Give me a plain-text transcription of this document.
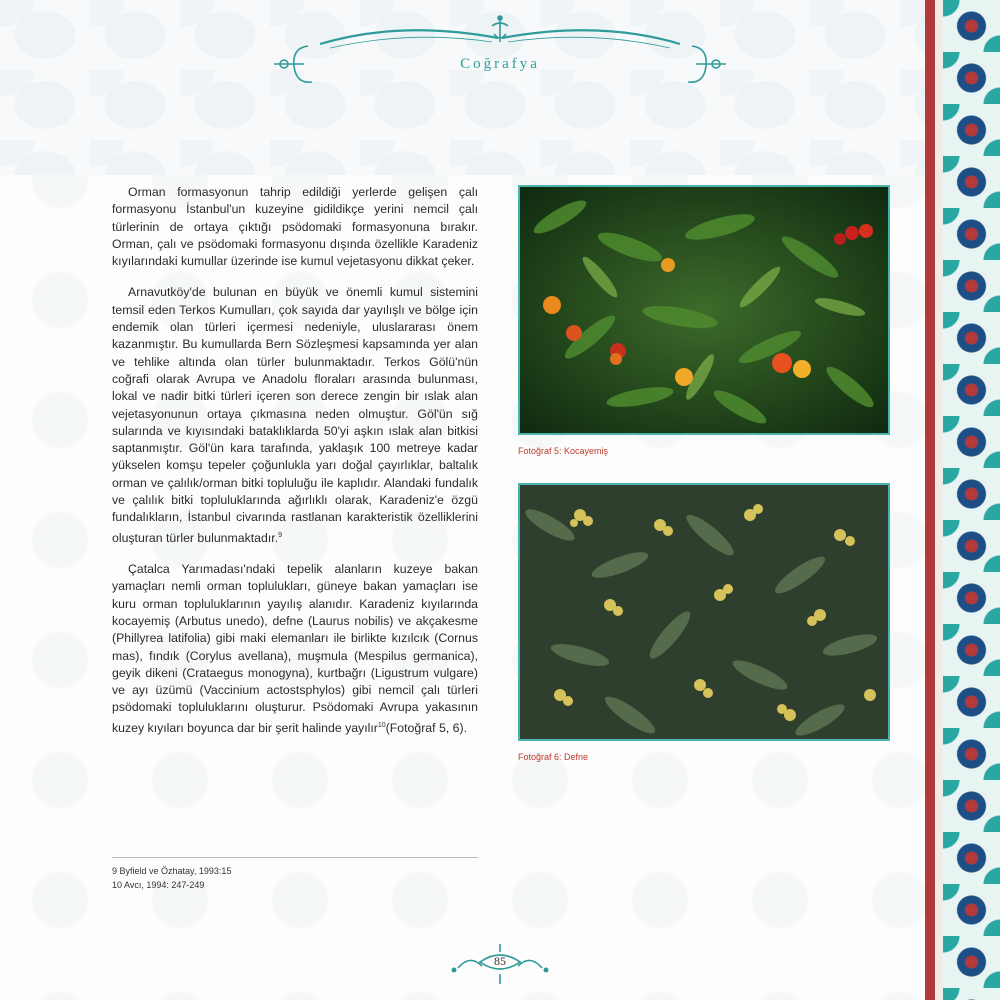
Coğrafya

Orman formasyonun tahrip edildiği yerlerde gelişen çalı formasyonu İstanbul'un kuzeyine gidildikçe yerini nemcil çalı türlerinin de ortaya çıktığı psödomaki formasyonuna bırakır. Orman, çalı ve psödomaki formasyonu dışında özellikle Karadeniz kıyılarındaki kumullar üzerinde ise kumul vejetasyonu dikkat çeker.

Arnavutköy'de bulunan en büyük ve önemli kumul sistemini temsil eden Terkos Kumulları, çok sayıda dar yayılışlı ve bölge için endemik olan türleri içermesi nedeniyle, uluslararası önem kazanmıştır. Bu kumullarda Bern Sözleşmesi kapsamında yer alan ve tehlike altında olan türler bulunmaktadır. Terkos Gölü'nün coğrafi olarak Avrupa ve Anadolu floraları arasında bulunması, lokal ve nadir bitki türleri içeren son derece zengin bir ıslak alan vejetasyonunun ortaya çıkmasına neden olmuştur. Göl'ün sığ sularında ve kıyısındaki bataklıklarda 50'yi aşkın ıslak alan bitkisi saptanmıştır. Göl'ün kara tarafında, yaklaşık 100 metreye kadar yükselen komşu tepeler çoğunlukla yarı doğal çayırlıklar, baltalık orman ve çalılık/orman bitki topluluğu ile kaplıdır. Alandaki fundalık ve çalılık bitki topluluklarında ağırlıklı olarak, Karadeniz'e özgü fundalıkların, İstanbul civarında rastlanan karakteristik özelliklerini oluşturan türler bulunmaktadır.$^9$

Çatalca Yarımadası'ndaki tepelik alanların kuzeye bakan yamaçları nemli orman toplulukları, güneye bakan yamaçları ise kuru orman topluluklarının yayılış alanıdır. Karadeniz kıyılarında kocayemiş (Arbutus unedo), defne (Laurus nobilis) ve akçakesme (Phillyrea latifolia) gibi maki elemanları ile birlikte kızılcık (Cornus mas), fındık (Corylus avellana), muşmula (Mespilus germanica), geyik dikeni (Crataegus monogyna), kurtbağrı (Ligustrum vulgare) ve ayı üzümü (Vaccinium actostsphylos) gibi nemcil çalı türleri psödomaki topluluklarını oluşturur. Psödomaki Avrupa yakasının kuzey kıyıları boyunca dar bir şerit halinde yayılır$^{10}$(Fotoğraf 5, 6).

Fotoğraf 5: Kocayemiş
Fotoğraf 6: Defne
9 Byfield ve Özhatay, 1993:15
10 Avcı, 1994: 247-249
85
